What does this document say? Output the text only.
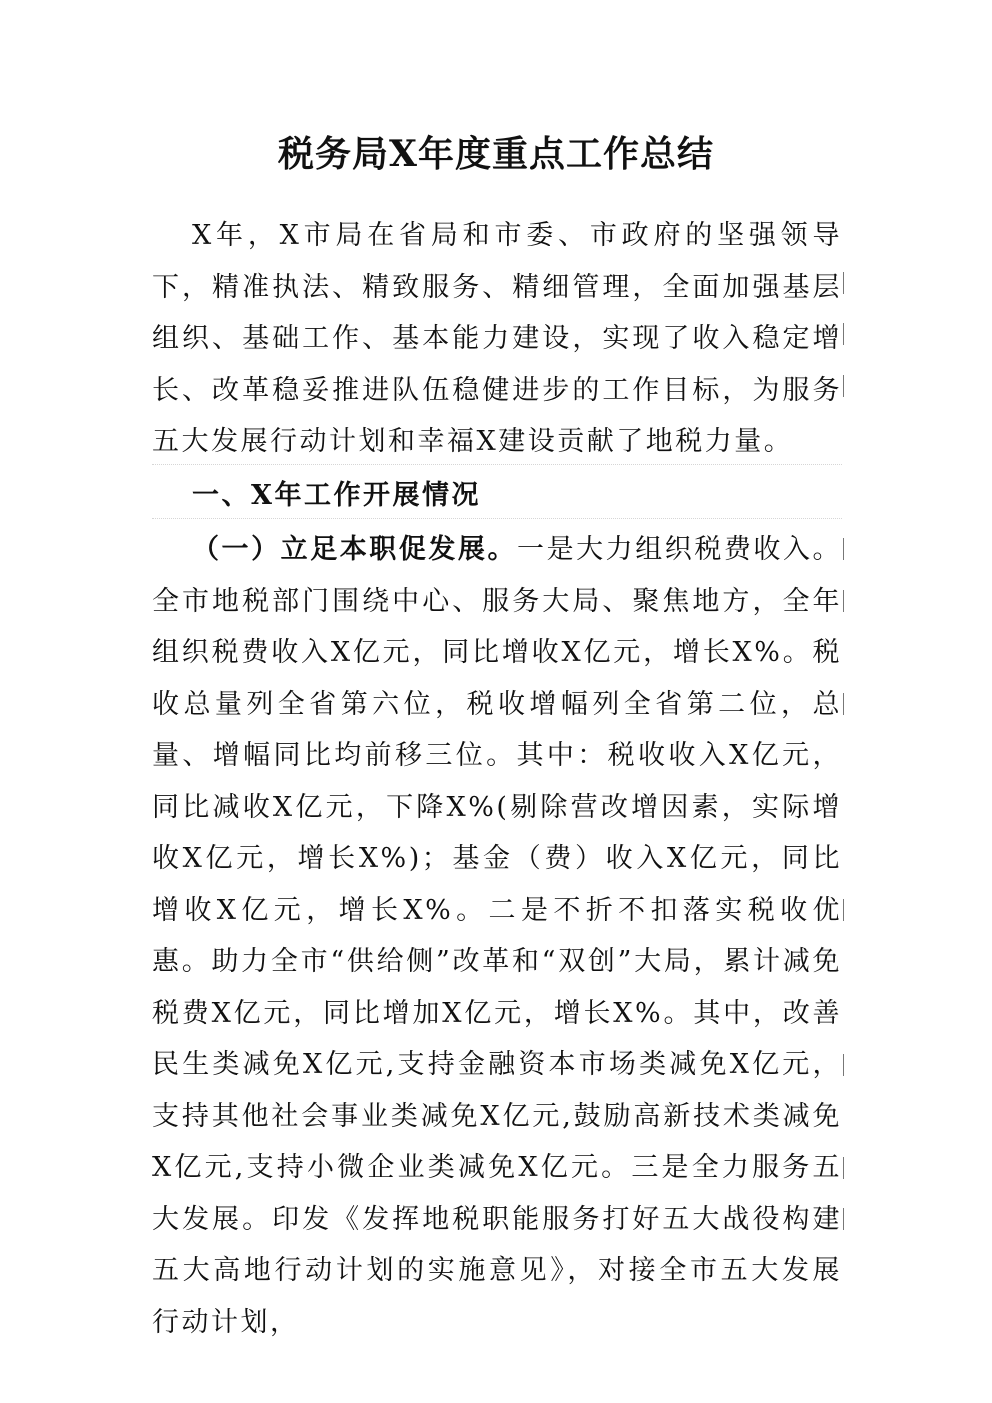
税务局X年度重点工作总结

X年，X市局在省局和市委、市政府的坚强领导下，精准执法、精致服务、精细管理，全面加强基层组织、基础工作、基本能力建设，实现了收入稳定增长、改革稳妥推进队伍稳健进步的工作目标，为服务五大发展行动计划和幸福X建设贡献了地税力量。

一、X年工作开展情况

（一）立足本职促发展。一是大力组织税费收入。全市地税部门围绕中心、服务大局、聚焦地方，全年组织税费收入X亿元，同比增收X亿元，增长X%。税收总量列全省第六位，税收增幅列全省第二位，总量、增幅同比均前移三位。其中：税收收入X亿元，同比减收X亿元，下降X%(剔除营改增因素，实际增收X亿元，增长X%)；基金（费）收入X亿元，同比增收X亿元，增长X%。二是不折不扣落实税收优惠。助力全市“供给侧”改革和“双创”大局，累计减免税费X亿元，同比增加X亿元，增长X%。其中，改善民生类减免X亿元,支持金融资本市场类减免X亿元，支持其他社会事业类减免X亿元,鼓励高新技术类减免X亿元,支持小微企业类减免X亿元。三是全力服务五大发展。印发《发挥地税职能服务打好五大战役构建五大高地行动计划的实施意见》，对接全市五大发展行动计划，
